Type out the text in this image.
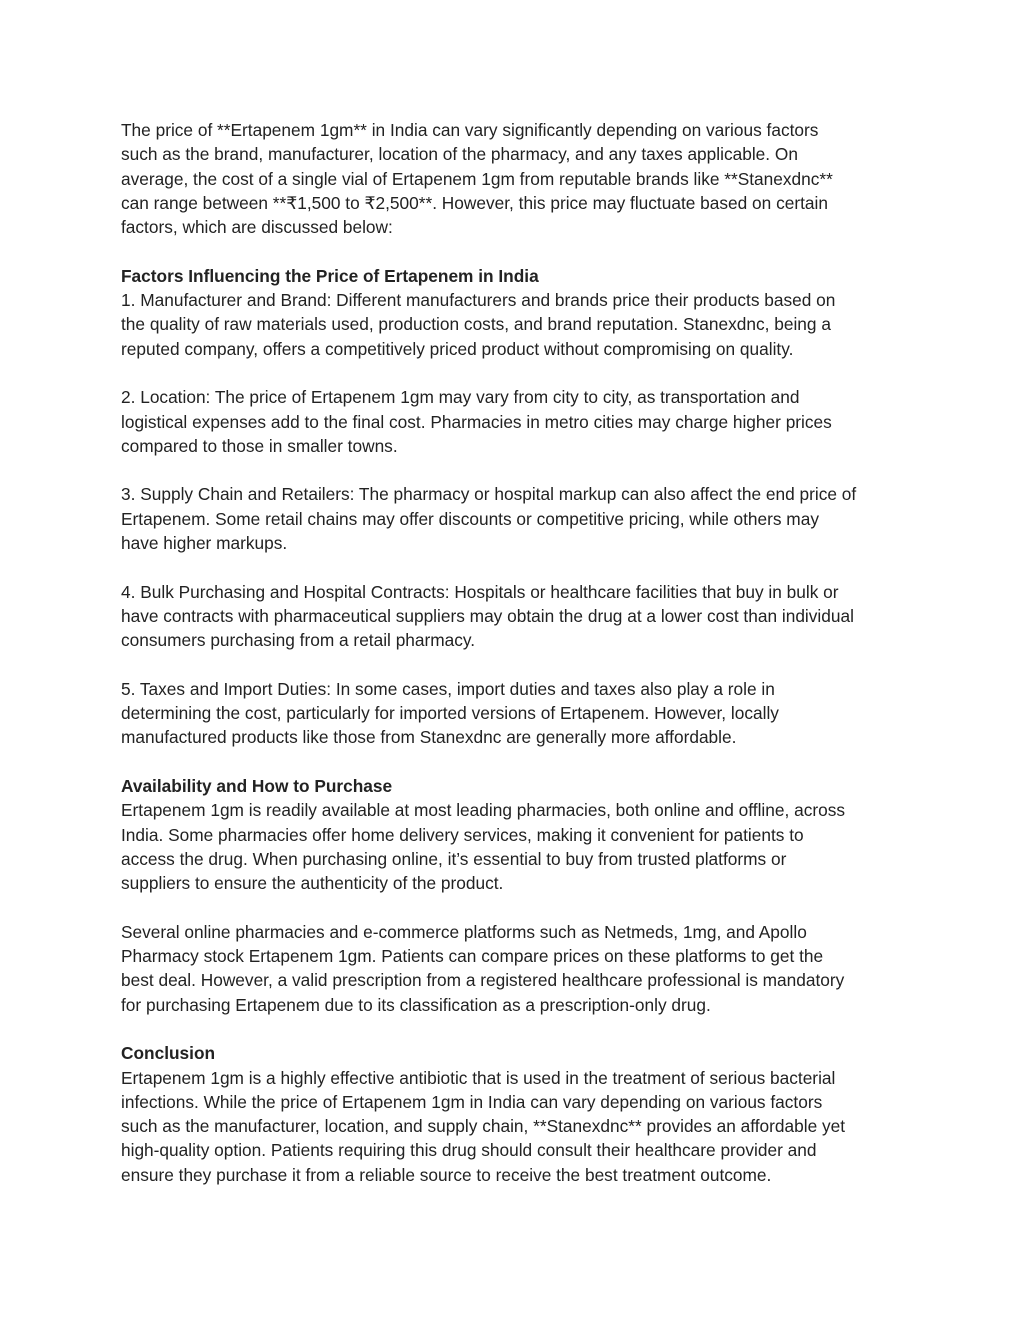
The price of **Ertapenem 1gm** in India can vary significantly depending on various factors
such as the brand, manufacturer, location of the pharmacy, and any taxes applicable. On
average, the cost of a single vial of Ertapenem 1gm from reputable brands like **Stanexdnc**
can range between **₹1,500 to ₹2,500**. However, this price may fluctuate based on certain
factors, which are discussed below:

Factors Influencing the Price of Ertapenem in India

1. Manufacturer and Brand: Different manufacturers and brands price their products based on
the quality of raw materials used, production costs, and brand reputation. Stanexdnc, being a
reputed company, offers a competitively priced product without compromising on quality.

2. Location: The price of Ertapenem 1gm may vary from city to city, as transportation and
logistical expenses add to the final cost. Pharmacies in metro cities may charge higher prices
compared to those in smaller towns.

3. Supply Chain and Retailers: The pharmacy or hospital markup can also affect the end price of
Ertapenem. Some retail chains may offer discounts or competitive pricing, while others may
have higher markups.

4. Bulk Purchasing and Hospital Contracts: Hospitals or healthcare facilities that buy in bulk or
have contracts with pharmaceutical suppliers may obtain the drug at a lower cost than individual
consumers purchasing from a retail pharmacy.

5. Taxes and Import Duties: In some cases, import duties and taxes also play a role in
determining the cost, particularly for imported versions of Ertapenem. However, locally
manufactured products like those from Stanexdnc are generally more affordable.

Availability and How to Purchase

Ertapenem 1gm is readily available at most leading pharmacies, both online and offline, across
India. Some pharmacies offer home delivery services, making it convenient for patients to
access the drug. When purchasing online, it’s essential to buy from trusted platforms or
suppliers to ensure the authenticity of the product.

Several online pharmacies and e-commerce platforms such as Netmeds, 1mg, and Apollo
Pharmacy stock Ertapenem 1gm. Patients can compare prices on these platforms to get the
best deal. However, a valid prescription from a registered healthcare professional is mandatory
for purchasing Ertapenem due to its classification as a prescription-only drug.

Conclusion

Ertapenem 1gm is a highly effective antibiotic that is used in the treatment of serious bacterial
infections. While the price of Ertapenem 1gm in India can vary depending on various factors
such as the manufacturer, location, and supply chain, **Stanexdnc** provides an affordable yet
high-quality option. Patients requiring this drug should consult their healthcare provider and
ensure they purchase it from a reliable source to receive the best treatment outcome.
